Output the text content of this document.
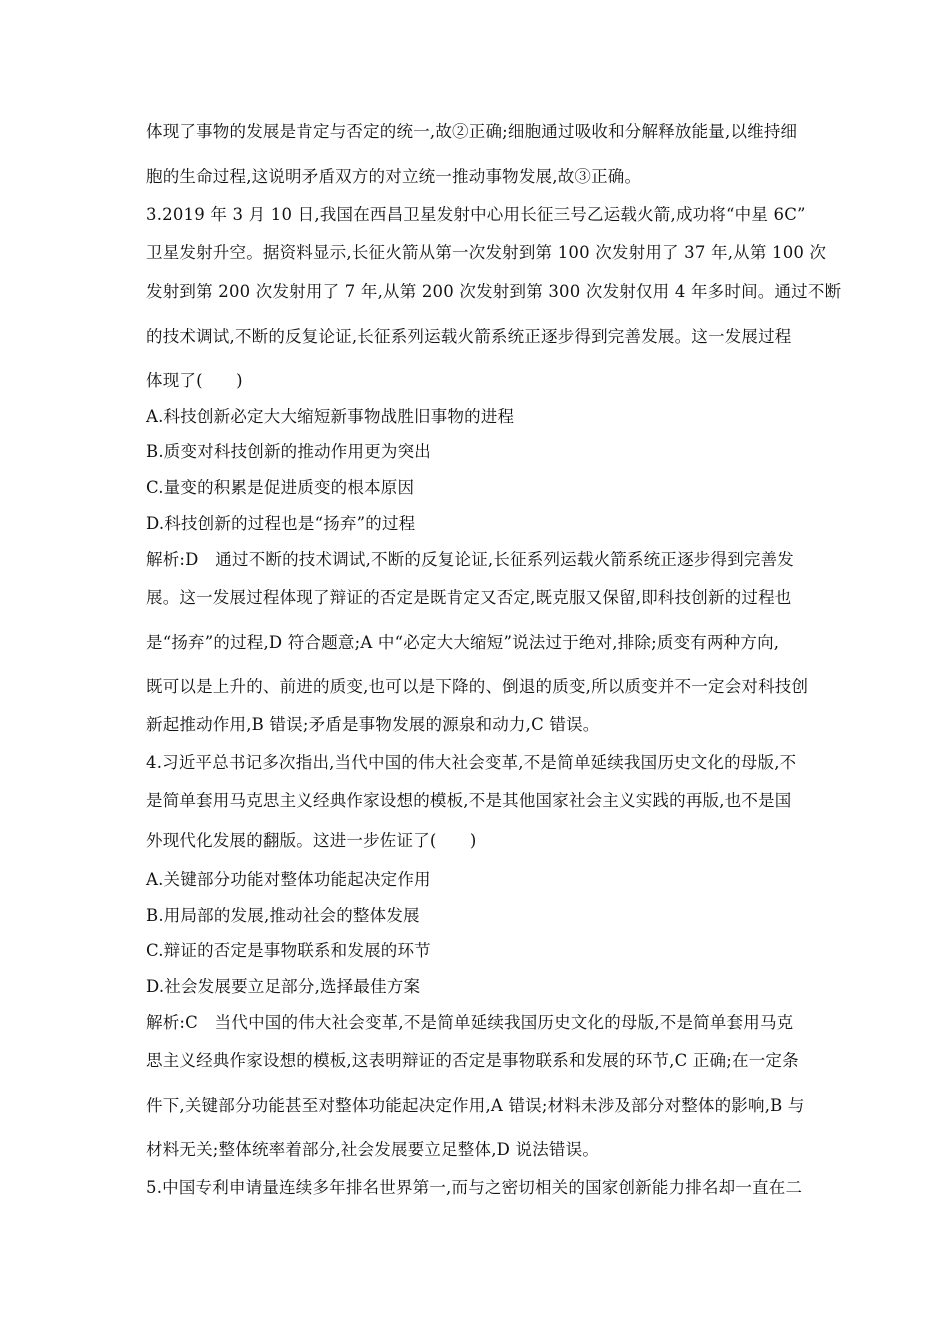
体现了事物的发展是肯定与否定的统一,故②正确;细胞通过吸收和分解释放能量,以维持细
胞的生命过程,这说明矛盾双方的对立统一推动事物发展,故③正确。
3.2019 年 3 月 10 日,我国在西昌卫星发射中心用长征三号乙运载火箭,成功将“中星 6C”
卫星发射升空。据资料显示,长征火箭从第一次发射到第 100 次发射用了 37 年,从第 100 次
发射到第 200 次发射用了 7 年,从第 200 次发射到第 300 次发射仅用 4 年多时间。通过不断
的技术调试,不断的反复论证,长征系列运载火箭系统正逐步得到完善发展。这一发展过程
体现了(　　)
A.科技创新必定大大缩短新事物战胜旧事物的进程
B.质变对科技创新的推动作用更为突出
C.量变的积累是促进质变的根本原因
D.科技创新的过程也是“扬弃”的过程
解析:D　通过不断的技术调试,不断的反复论证,长征系列运载火箭系统正逐步得到完善发
展。这一发展过程体现了辩证的否定是既肯定又否定,既克服又保留,即科技创新的过程也
是“扬弃”的过程,D 符合题意;A 中“必定大大缩短”说法过于绝对,排除;质变有两种方向,
既可以是上升的、前进的质变,也可以是下降的、倒退的质变,所以质变并不一定会对科技创
新起推动作用,B 错误;矛盾是事物发展的源泉和动力,C 错误。
4.习近平总书记多次指出,当代中国的伟大社会变革,不是简单延续我国历史文化的母版,不
是简单套用马克思主义经典作家设想的模板,不是其他国家社会主义实践的再版,也不是国
外现代化发展的翻版。这进一步佐证了(　　)
A.关键部分功能对整体功能起决定作用
B.用局部的发展,推动社会的整体发展
C.辩证的否定是事物联系和发展的环节
D.社会发展要立足部分,选择最佳方案
解析:C　当代中国的伟大社会变革,不是简单延续我国历史文化的母版,不是简单套用马克
思主义经典作家设想的模板,这表明辩证的否定是事物联系和发展的环节,C 正确;在一定条
件下,关键部分功能甚至对整体功能起决定作用,A 错误;材料未涉及部分对整体的影响,B 与
材料无关;整体统率着部分,社会发展要立足整体,D 说法错误。
5.中国专利申请量连续多年排名世界第一,而与之密切相关的国家创新能力排名却一直在二
